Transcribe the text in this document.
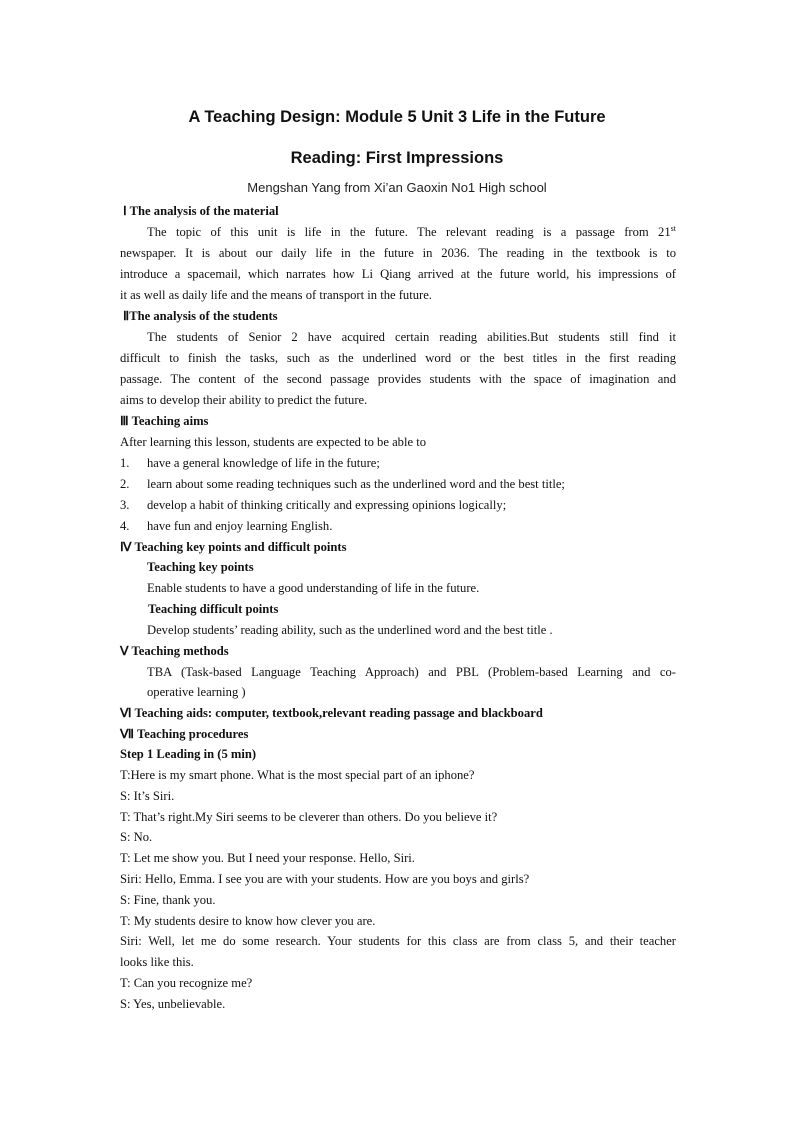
A Teaching Design: Module 5 Unit 3 Life in the Future
Reading: First Impressions
Mengshan Yang from Xi’an Gaoxin No1 High school
Ⅰ The analysis of the material
The topic of this unit is life in the future. The relevant reading is a passage from 21st
newspaper. It is about our daily life in the future in 2036. The reading in the textbook is to
introduce a spacemail, which narrates how Li Qiang arrived at the future world, his impressions of
it as well as daily life and the means of transport in the future.
ⅡThe analysis of the students
The students of Senior 2 have acquired certain reading abilities.But students still find it
difficult to finish the tasks, such as the underlined word or the best titles in the first reading
passage. The content of the second passage provides students with the space of imagination and
aims to develop their ability to predict the future.
Ⅲ Teaching aims
After learning this lesson, students are expected to be able to
1. have a general knowledge of life in the future;
2. learn about some reading techniques such as the underlined word and the best title;
3. develop a habit of thinking critically and expressing opinions logically;
4. have fun and enjoy learning English.
Ⅳ Teaching key points and difficult points
Teaching key points
Enable students to have a good understanding of life in the future.
Teaching difficult points
Develop students’ reading ability, such as the underlined word and the best title .
Ⅴ Teaching methods
TBA (Task-based Language Teaching Approach) and PBL (Problem-based Learning and co-
operative learning )
Ⅵ Teaching aids: computer, textbook,relevant reading passage and blackboard
Ⅶ Teaching procedures
Step 1 Leading in (5 min)
T:Here is my smart phone. What is the most special part of an iphone?
S: It’s Siri.
T: That’s right.My Siri seems to be cleverer than others. Do you believe it?
S: No.
T: Let me show you. But I need your response. Hello, Siri.
Siri: Hello, Emma. I see you are with your students. How are you boys and girls?
S: Fine, thank you.
T: My students desire to know how clever you are.
Siri: Well, let me do some research. Your students for this class are from class 5, and their teacher
looks like this.
T: Can you recognize me?
S: Yes, unbelievable.
